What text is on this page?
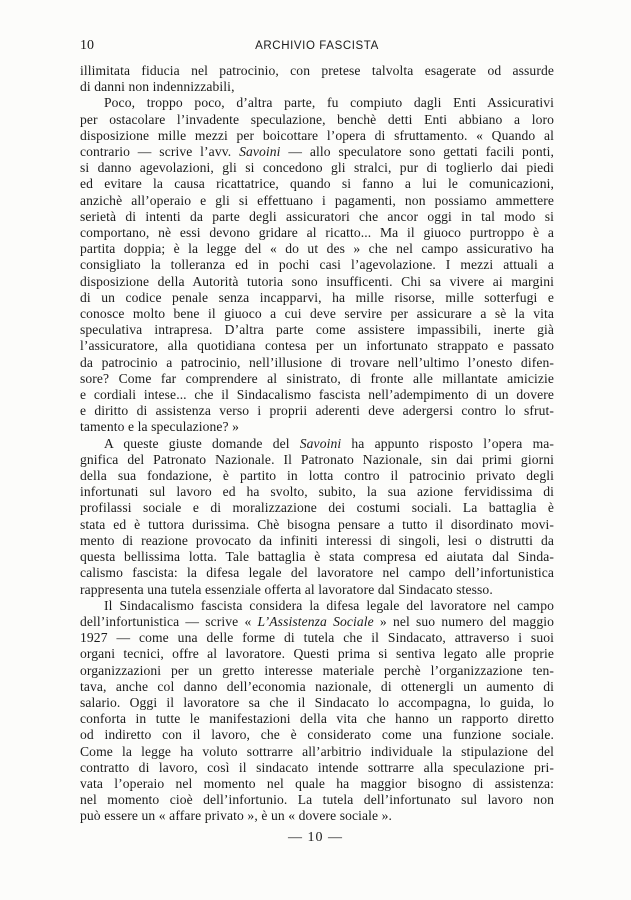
10	ARCHIVIO FASCISTA
illimitata fiducia nel patrocinio, con pretese talvolta esagerate od assurde
di danni non indennizzabili,
Poco, troppo poco, d’altra parte, fu compiuto dagli Enti Assicurativi
per ostacolare l’invadente speculazione, benchè detti Enti abbiano a loro
disposizione mille mezzi per boicottare l’opera di sfruttamento. « Quando al
contrario — scrive l’avv. Savoini — allo speculatore sono gettati facili ponti,
si danno agevolazioni, gli si concedono gli stralci, pur di toglierlo dai piedi
ed evitare la causa ricattatrice, quando si fanno a lui le comunicazioni,
anzichè all’operaio e gli si effettuano i pagamenti, non possiamo ammettere
serietà di intenti da parte degli assicuratori che ancor oggi in tal modo si
comportano, nè essi devono gridare al ricatto... Ma il giuoco purtroppo è a
partita doppia; è la legge del « do ut des » che nel campo assicurativo ha
consigliato la tolleranza ed in pochi casi l’agevolazione. I mezzi attuali a
disposizione della Autorità tutoria sono insufficenti. Chi sa vivere ai margini
di un codice penale senza incapparvi, ha mille risorse, mille sotterfugi e
conosce molto bene il giuoco a cui deve servire per assicurare a sè la vita
speculativa intrapresa. D’altra parte come assistere impassibili, inerte già
l’assicuratore, alla quotidiana contesa per un infortunato strappato e passato
da patrocinio a patrocinio, nell’illusione di trovare nell’ultimo l’onesto difen-
sore? Come far comprendere al sinistrato, di fronte alle millantate amicizie
e cordiali intese... che il Sindacalismo fascista nell’adempimento di un dovere
e diritto di assistenza verso i proprii aderenti deve adergersi contro lo sfrut-
tamento e la speculazione? »
A queste giuste domande del Savoini ha appunto risposto l’opera ma-
gnifica del Patronato Nazionale. Il Patronato Nazionale, sin dai primi giorni
della sua fondazione, è partito in lotta contro il patrocinio privato degli
infortunati sul lavoro ed ha svolto, subito, la sua azione fervidissima di
profilassi sociale e di moralizzazione dei costumi sociali. La battaglia è
stata ed è tuttora durissima. Chè bisogna pensare a tutto il disordinato movi-
mento di reazione provocato da infiniti interessi di singoli, lesi o distrutti da
questa bellissima lotta. Tale battaglia è stata compresa ed aiutata dal Sinda-
calismo fascista: la difesa legale del lavoratore nel campo dell’infortunistica
rappresenta una tutela essenziale offerta al lavoratore dal Sindacato stesso.
Il Sindacalismo fascista considera la difesa legale del lavoratore nel campo
dell’infortunistica — scrive « L’Assistenza Sociale » nel suo numero del maggio
1927 — come una delle forme di tutela che il Sindacato, attraverso i suoi
organi tecnici, offre al lavoratore. Questi prima si sentiva legato alle proprie
organizzazioni per un gretto interesse materiale perchè l’organizzazione ten-
tava, anche col danno dell’economia nazionale, di ottenergli un aumento di
salario. Oggi il lavoratore sa che il Sindacato lo accompagna, lo guida, lo
conforta in tutte le manifestazioni della vita che hanno un rapporto diretto
od indiretto con il lavoro, che è considerato come una funzione sociale.
Come la legge ha voluto sottrarre all’arbitrio individuale la stipulazione del
contratto di lavoro, così il sindacato intende sottrarre alla speculazione pri-
vata l’operaio nel momento nel quale ha maggior bisogno di assistenza:
nel momento cioè dell’infortunio. La tutela dell’infortunato sul lavoro non
può essere un « affare privato », è un « dovere sociale ».
— 10 —
